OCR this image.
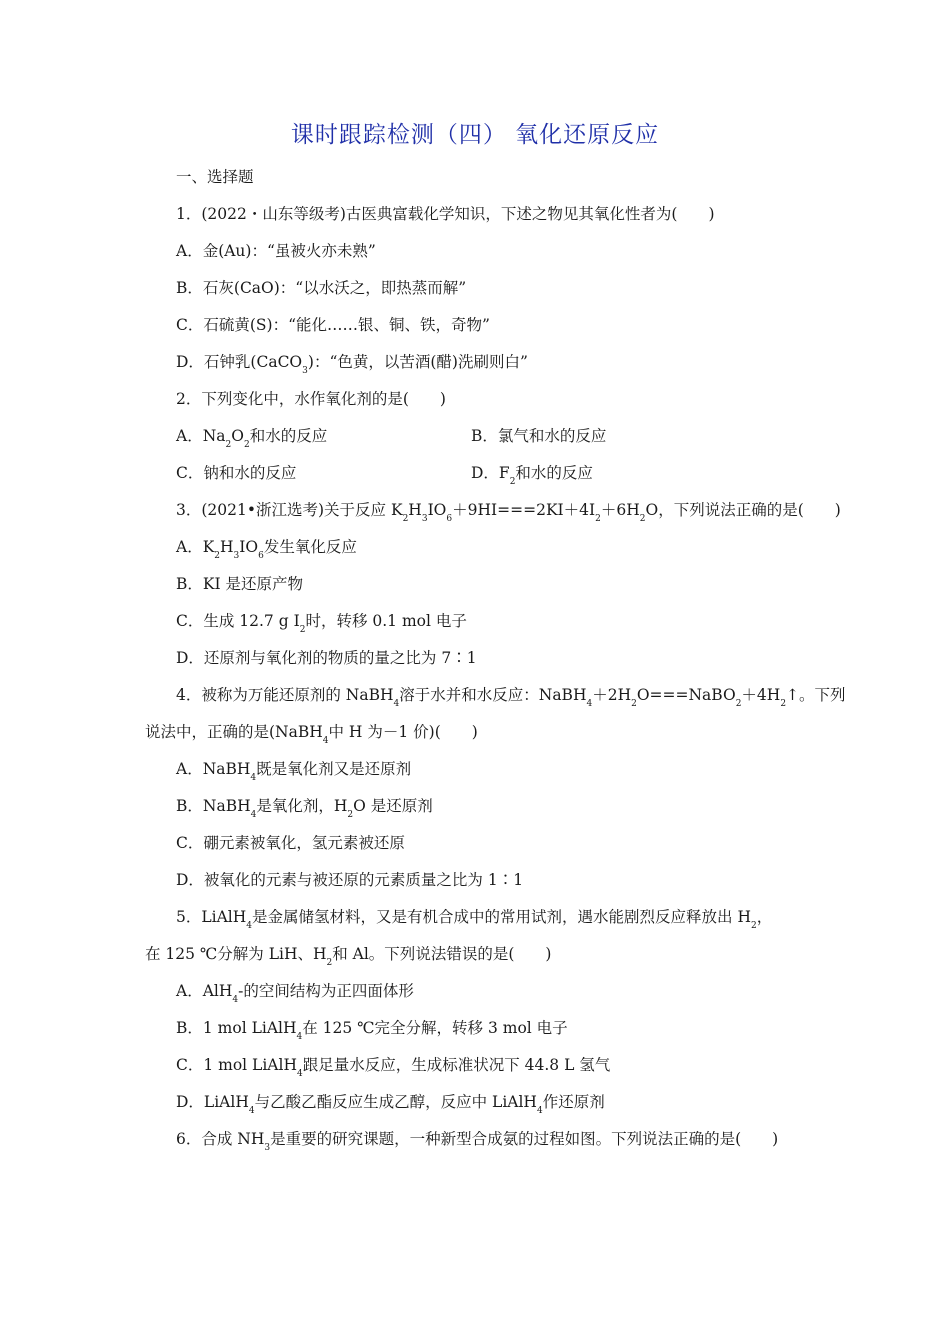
课时跟踪检测（四） 氧化还原反应
一、选择题
1．(2022・山东等级考)古医典富载化学知识，下述之物见其氧化性者为(　　)
A．金(Au)：“虽被火亦未熟”
B．石灰(CaO)：“以水沃之，即热蒸而解”
C．石硫黄(S)：“能化……银、铜、铁，奇物”
D．石钟乳(CaCO$_3$)：“色黄，以苦酒(醋)洗刷则白”
2．下列变化中，水作氧化剂的是(　　)
A．$Na_2O_2$和水的反应	B．氯气和水的反应
C．钠和水的反应	D．$F_2$和水的反应
3．(2021•浙江选考)关于反应 $K_2H_3IO_6+9HI===2KI+4I_2+6H_2O$，下列说法正确的是(　　)
A．$K_2H_3IO_6$发生氧化反应
B．KI 是还原产物
C．生成 12.7 g $I_2$时，转移 0.1 mol 电子
D．还原剂与氧化剂的物质的量之比为 7∶1
4．被称为万能还原剂的 NaBH$_4$溶于水并和水反应：$NaBH_4+2H_2O===NaBO_2+4H_2↑$。下列
说法中，正确的是(NaBH$_4$中 H 为－1 价)(　　)
A．NaBH$_4$既是氧化剂又是还原剂
B．NaBH$_4$是氧化剂，$H_2O$ 是还原剂
C．硼元素被氧化，氢元素被还原
D．被氧化的元素与被还原的元素质量之比为 1∶1
5．LiAlH$_4$是金属储氢材料，又是有机合成中的常用试剂，遇水能剧烈反应释放出 $H_2$，
在 125 ℃分解为 LiH、$H_2$和 Al。下列说法错误的是(　　)
A．AlH$_4$-的空间结构为正四面体形
B．1 mol LiAlH$_4$在 125 ℃完全分解，转移 3 mol 电子
C．1 mol LiAlH$_4$跟足量水反应，生成标准状况下 44.8 L 氢气
D．LiAlH$_4$与乙酸乙酯反应生成乙醇，反应中 LiAlH$_4$作还原剂
6．合成 $NH_3$是重要的研究课题，一种新型合成氨的过程如图。下列说法正确的是(　　)
